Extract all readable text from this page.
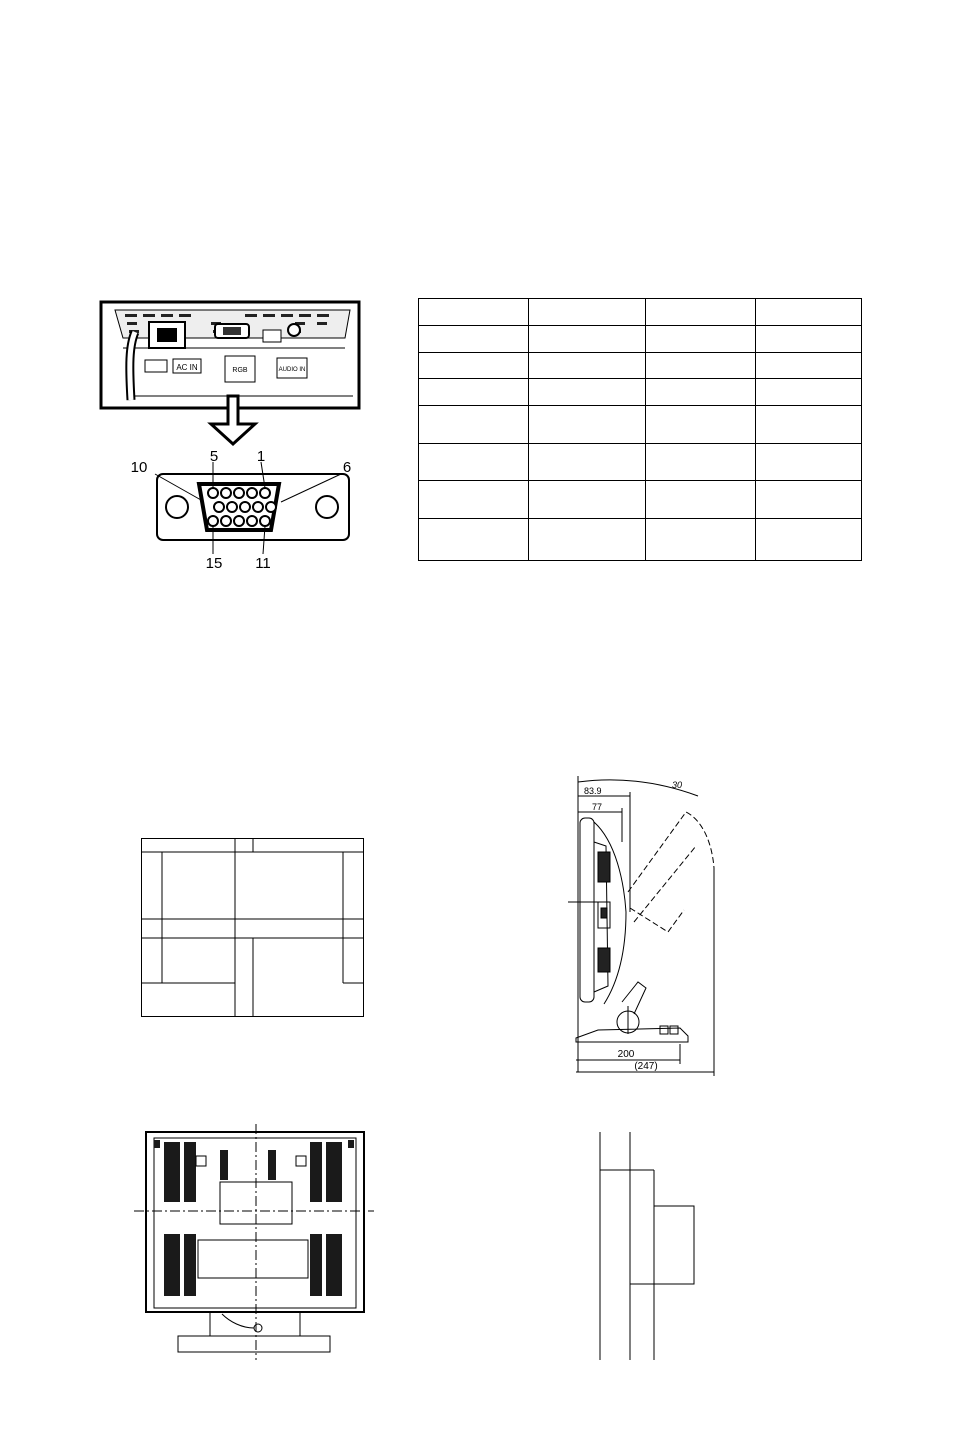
AC IN	RGB	AUDIO IN
5	1
10	6
15 11

30
83.9
77
200
(247)
